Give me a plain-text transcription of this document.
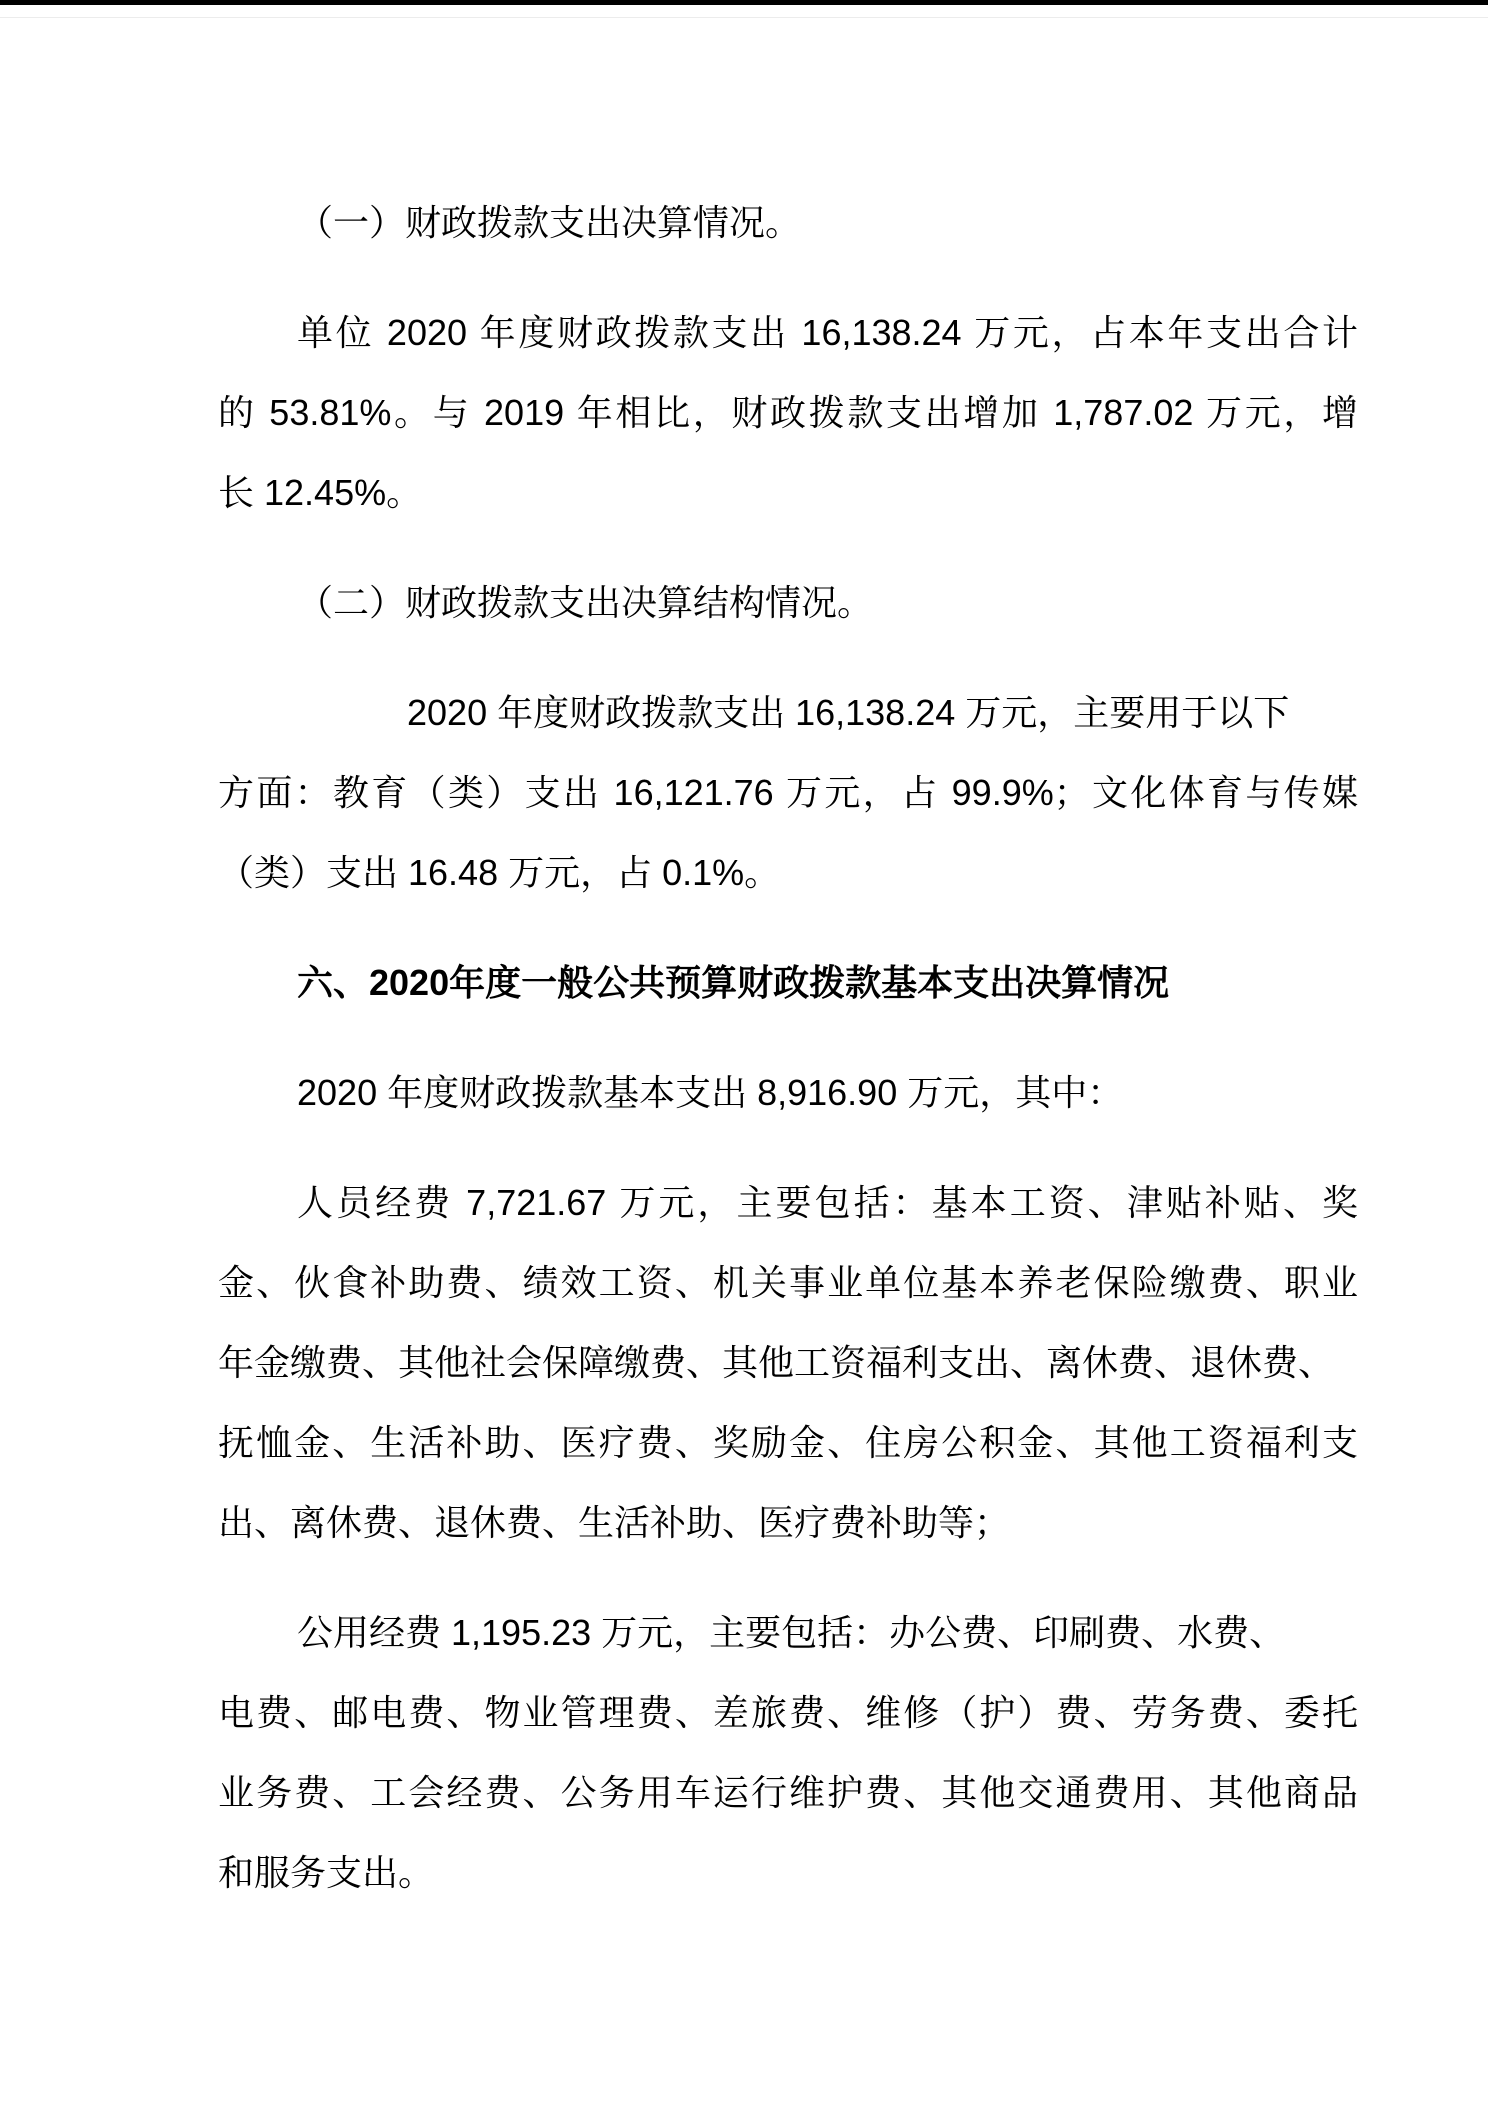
（一）财政拨款支出决算情况。

单位 2020 年度财政拨款支出 16,138.24 万元，占本年支出合计

的 53.81%。与 2019 年相比，财政拨款支出增加 1,787.02 万元，增

长 12.45%。

（二）财政拨款支出决算结构情况。

2020 年度财政拨款支出 16,138.24 万元，主要用于以下

方面：教育（类）支出 16,121.76 万元，占 99.9%；文化体育与传媒

（类）支出 16.48 万元，占 0.1%。

六、2020年度一般公共预算财政拨款基本支出决算情况

2020 年度财政拨款基本支出 8,916.90 万元，其中：

人员经费 7,721.67 万元，主要包括：基本工资、津贴补贴、奖

金、伙食补助费、绩效工资、机关事业单位基本养老保险缴费、职业

年金缴费、其他社会保障缴费、其他工资福利支出、离休费、退休费、

抚恤金、生活补助、医疗费、奖励金、住房公积金、其他工资福利支

出、离休费、退休费、生活补助、医疗费补助等；

公用经费 1,195.23 万元，主要包括：办公费、印刷费、水费、

电费、邮电费、物业管理费、差旅费、维修（护）费、劳务费、委托

业务费、工会经费、公务用车运行维护费、其他交通费用、其他商品

和服务支出。
